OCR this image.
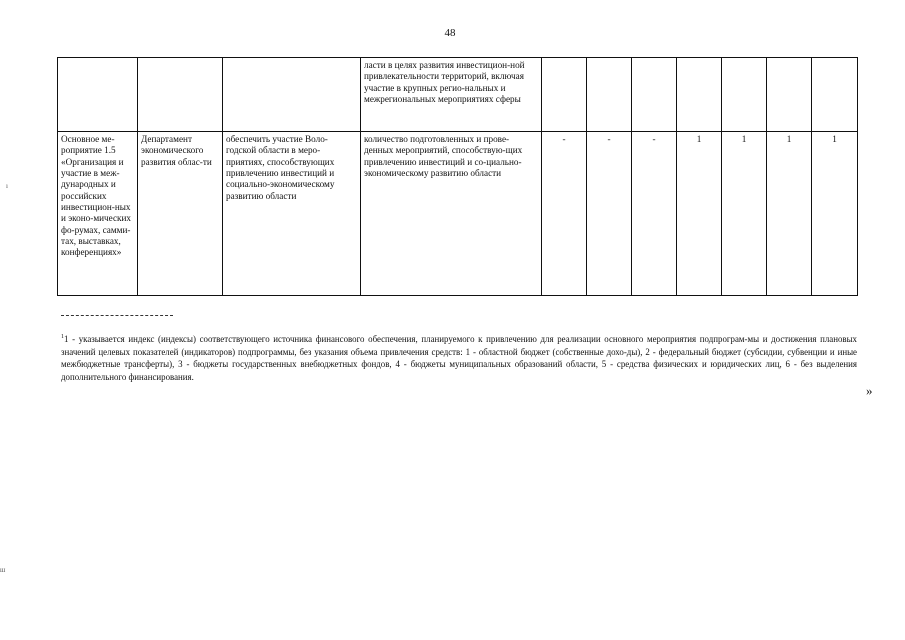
48
			ласти в целях развития инвестицион-ной привлекательности территорий, включая участие в крупных регио-нальных и межрегиональных мероприятиях сферы							
Основное ме-роприятие 1.5 «Организация и участие в меж-дународных и российских инвестицион-ных и эконо-мических фо-румах, самми-тах, выставках, конференциях»	Департамент экономического развития облас-ти	обеспечить участие Воло-годской области в меро-приятиях, способствующих привлечению инвестиций и социально-экономическому развитию области	количество подготовленных и прове-денных мероприятий, способствую-щих привлечению инвестиций и со-циально-экономическому развитию области	-	-	-	1	1	1	1
$^1$1 - указывается индекс (индексы) соответствующего источника финансового обеспечения, планируемого к привлечению для реализации основного мероприятия подпрограм-мы и достижения плановых значений целевых показателей (индикаторов) подпрограммы, без указания объема привлечения средств: 1 - областной бюджет (собственные дохо-ды), 2 - федеральный бюджет (субсидии, субвенции и иные межбюджетные трансферты), 3 - бюджеты государственных внебюджетных фондов, 4 - бюджеты муниципальных образований области, 5 - средства физических и юридических лиц, 6 - без выделения дополнительного финансирования.
»
ı
ш
